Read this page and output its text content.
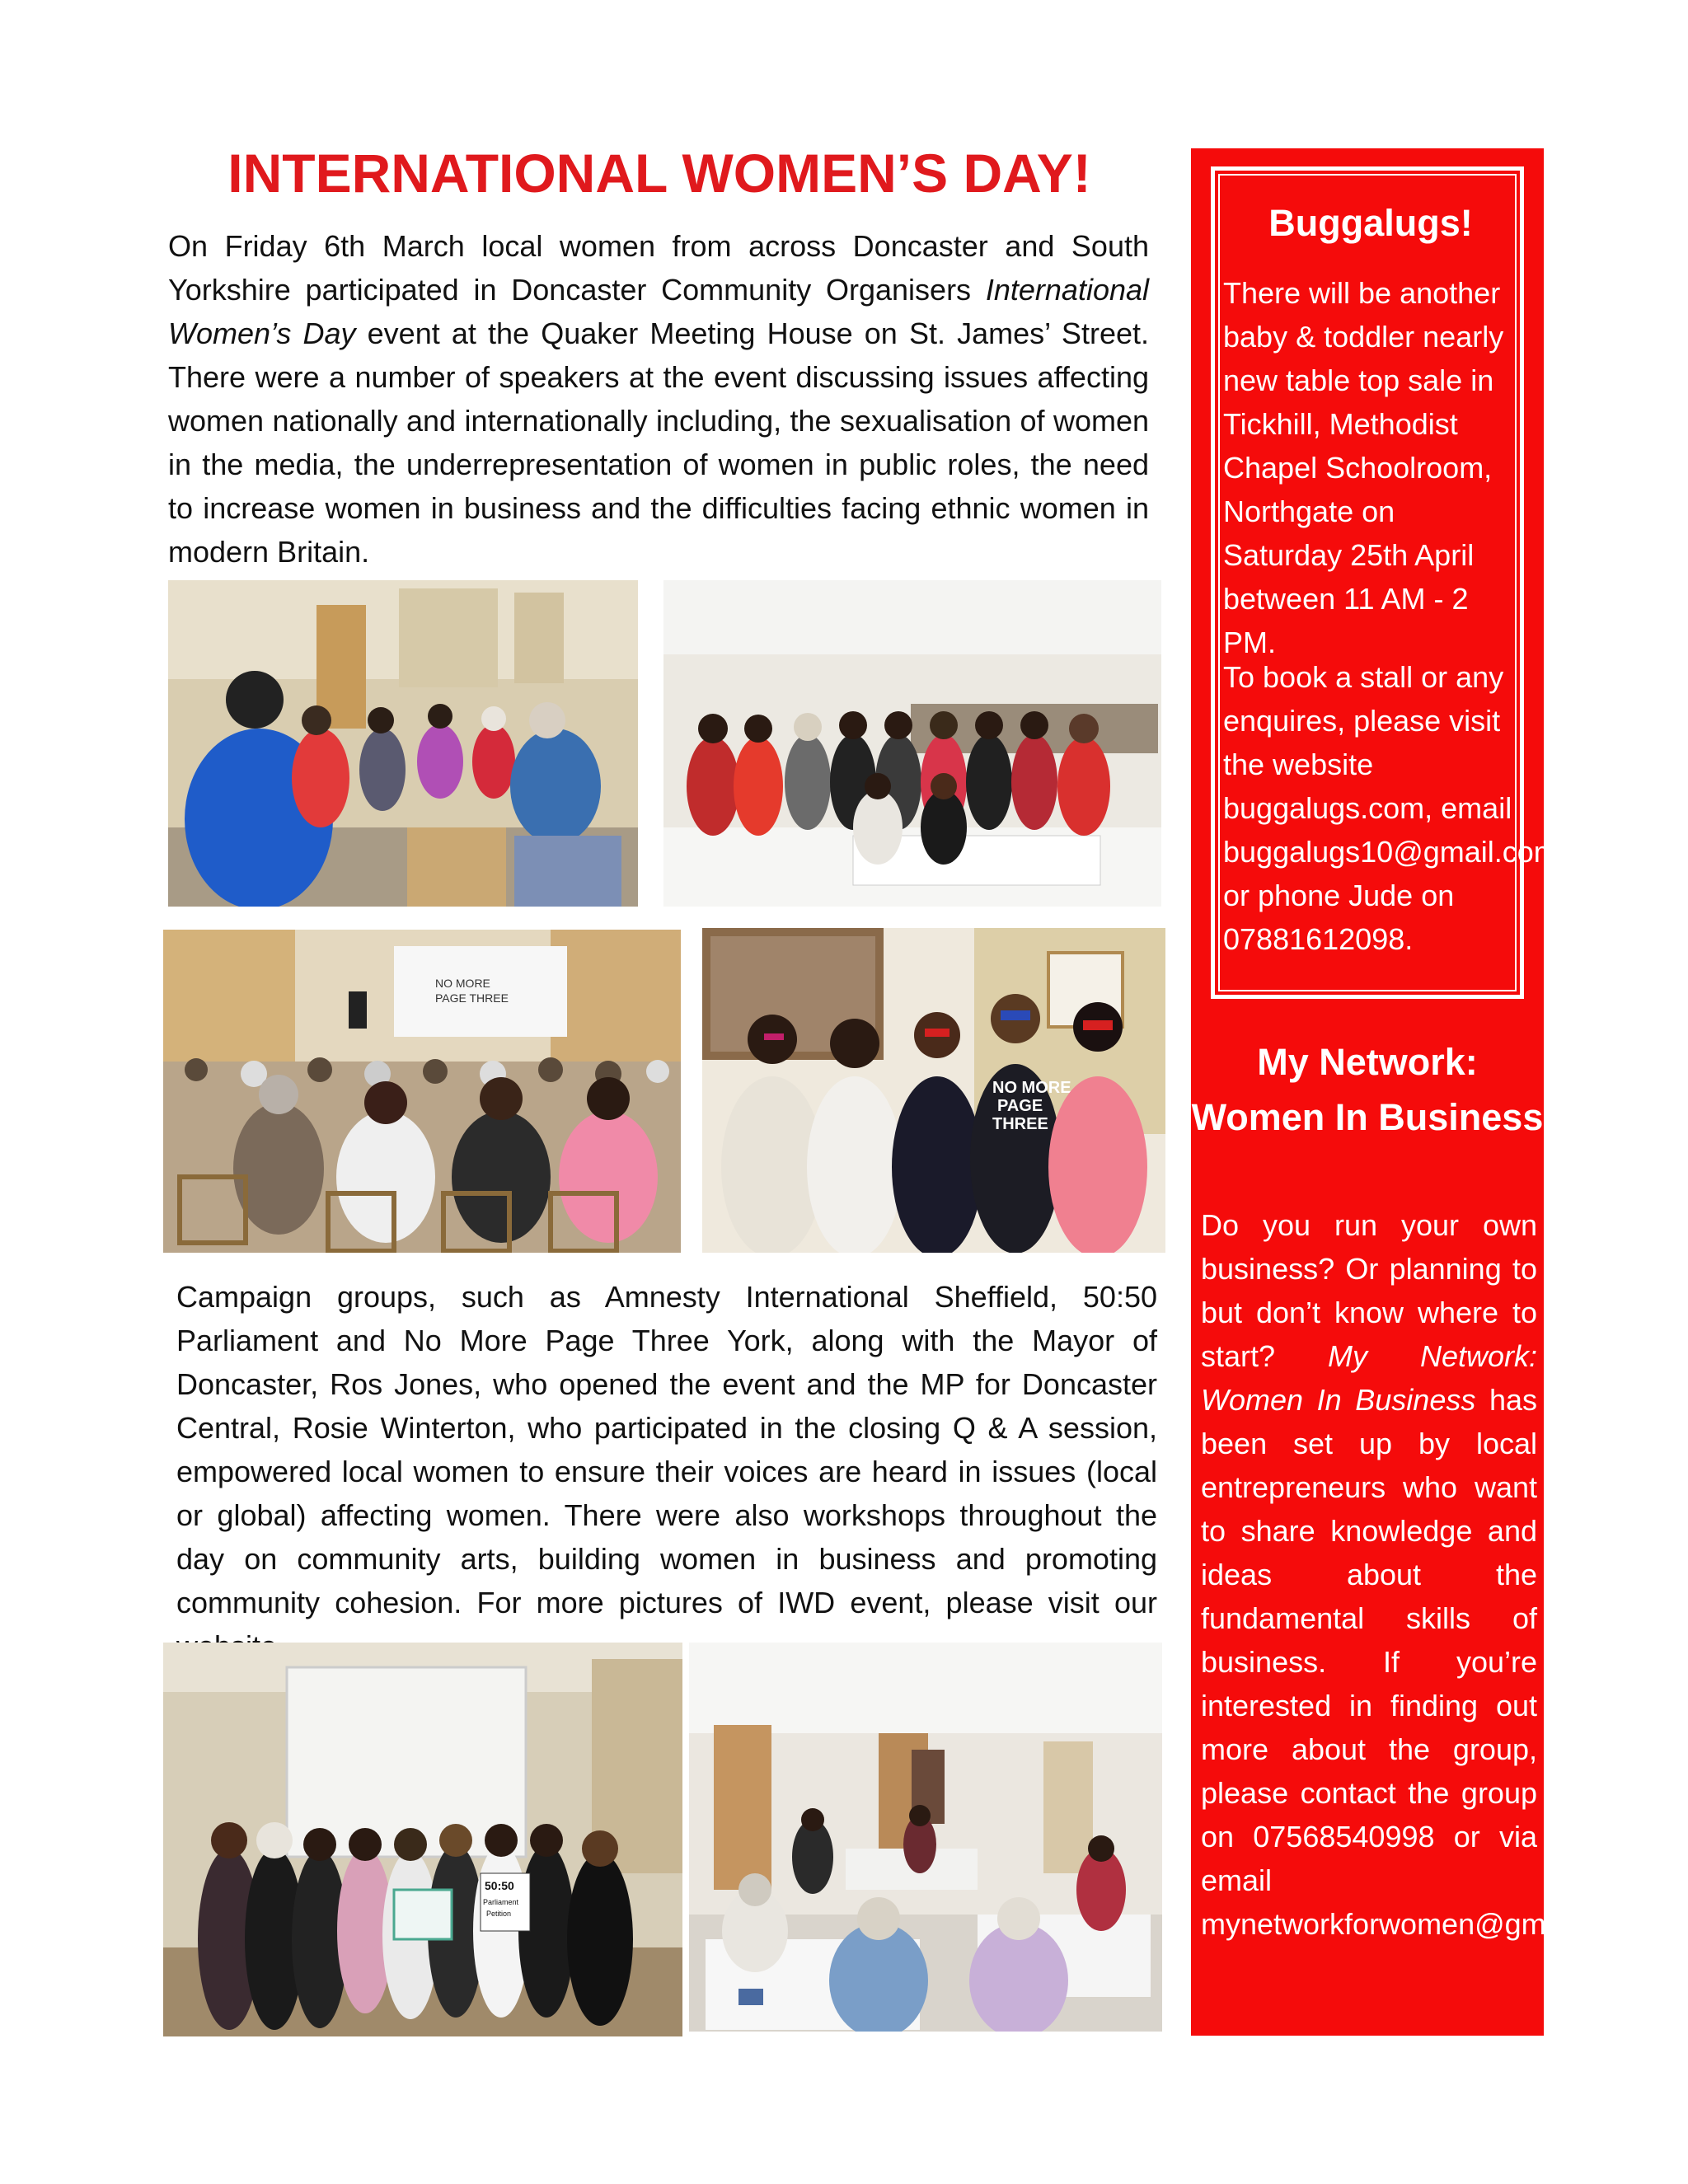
INTERNATIONAL WOMEN’S DAY!

On Friday 6th March local women from across Doncaster and South Yorkshire participated in Doncaster Community Organisers International Women’s Day event at the Quaker Meeting House on St. James’ Street. There were a number of speakers at the event discussing issues affecting women nationally and internationally including, the sexualisation of women in the media, the underrepresentation of women in public roles, the need to increase women in business and the difficulties facing ethnic women in modern Britain.

NO MORE
PAGE THREE
NO MORE
PAGE
THREE

Campaign groups, such as Amnesty International Sheffield, 50:50 Parliament and No More Page Three York, along with the Mayor of Doncaster, Ros Jones, who opened the event and the MP for Doncaster Central, Rosie Winterton, who participated in the closing Q & A session, empowered local women to ensure their voices are heard in issues (local or global) affecting women. There were also workshops throughout the day on community arts, building women in business and promoting community cohesion. For more pictures of IWD event, please visit our

50:50
Parliament
Petition
Buggalugs!

There will be another baby & toddler nearly new table top sale in Tickhill, Methodist Chapel Schoolroom, Northgate on Saturday 25th April between 11 AM - 2 PM.

To book a stall or any enquires, please visit the website buggalugs.com, email buggalugs10@gmail.com or phone Jude on 07881612098.

My Network: Women In Business

Do you run your own business? Or planning to but don’t know where to start? My Network: Women In Business has been set up by local entrepreneurs who want to share knowledge and ideas about the fundamental skills of business. If you’re interested in finding out more about the group, please contact the group on 07568540998 or via email mynetworkforwomen@gmail.com.
